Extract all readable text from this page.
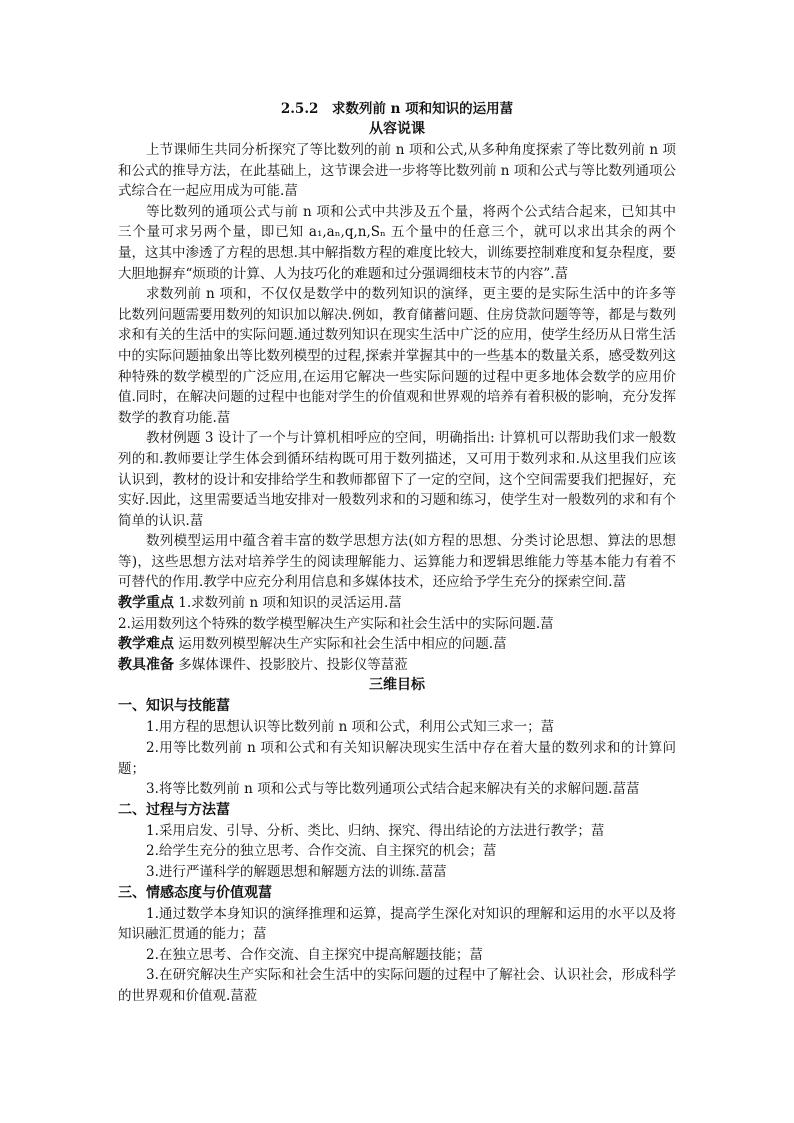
2.5.2　求数列前 n 项和知识的运用葍

从容说课

上节课师生共同分析探究了等比数列的前 n 项和公式,从多种角度探索了等比数列前 n 项和公式的推导方法，在此基础上，这节课会进一步将等比数列前 n 项和公式与等比数列通项公式综合在一起应用成为可能.葍

等比数列的通项公式与前 n 项和公式中共涉及五个量，将两个公式结合起来，已知其中三个量可求另两个量，即已知 a₁,aₙ,q,n,Sₙ 五个量中的任意三个，就可以求出其余的两个量，这其中渗透了方程的思想.其中解指数方程的难度比较大，训练要控制难度和复杂程度，要大胆地摒弃“烦琐的计算、人为技巧化的难题和过分强调细枝末节的内容”.葍

求数列前 n 项和，不仅仅是数学中的数列知识的演绎，更主要的是实际生活中的许多等比数列问题需要用数列的知识加以解决.例如，教育储蓄问题、住房贷款问题等等，都是与数列求和有关的生活中的实际问题.通过数列知识在现实生活中广泛的应用，使学生经历从日常生活中的实际问题抽象出等比数列模型的过程,探索并掌握其中的一些基本的数量关系，感受数列这种特殊的数学模型的广泛应用,在运用它解决一些实际问题的过程中更多地体会数学的应用价值.同时，在解决问题的过程中也能对学生的价值观和世界观的培养有着积极的影响，充分发挥数学的教育功能.葍

教材例题 3 设计了一个与计算机相呼应的空间，明确指出: 计算机可以帮助我们求一般数列的和.教师要让学生体会到循环结构既可用于数列描述，又可用于数列求和.从这里我们应该认识到，教材的设计和安排给学生和教师都留下了一定的空间，这个空间需要我们把握好，充实好.因此，这里需要适当地安排对一般数列求和的习题和练习，使学生对一般数列的求和有个简单的认识.葍

数列模型运用中蕴含着丰富的数学思想方法(如方程的思想、分类讨论思想、算法的思想等)，这些思想方法对培养学生的阅读理解能力、运算能力和逻辑思维能力等基本能力有着不可替代的作用.教学中应充分利用信息和多媒体技术，还应给予学生充分的探索空间.葍

教学重点 1.求数列前 n 项和知识的灵活运用.葍

2.运用数列这个特殊的数学模型解决生产实际和社会生活中的实际问题.葍

教学难点 运用数列模型解决生产实际和社会生活中相应的问题.葍

教具准备 多媒体课件、投影胶片、投影仪等葍蒞

三维目标

一、知识与技能葍

1.用方程的思想认识等比数列前 n 项和公式，利用公式知三求一；葍

2.用等比数列前 n 项和公式和有关知识解决现实生活中存在着大量的数列求和的计算问题；

3.将等比数列前 n 项和公式与等比数列通项公式结合起来解决有关的求解问题.葍葍

二、过程与方法葍

1.采用启发、引导、分析、类比、归纳、探究、得出结论的方法进行教学；葍

2.给学生充分的独立思考、合作交流、自主探究的机会；葍

3.进行严谨科学的解题思想和解题方法的训练.葍葍

三、情感态度与价值观葍

1.通过数学本身知识的演绎推理和运算，提高学生深化对知识的理解和运用的水平以及将知识融汇贯通的能力；葍

2.在独立思考、合作交流、自主探究中提高解题技能；葍

3.在研究解决生产实际和社会生活中的实际问题的过程中了解社会、认识社会，形成科学的世界观和价值观.葍蒞
